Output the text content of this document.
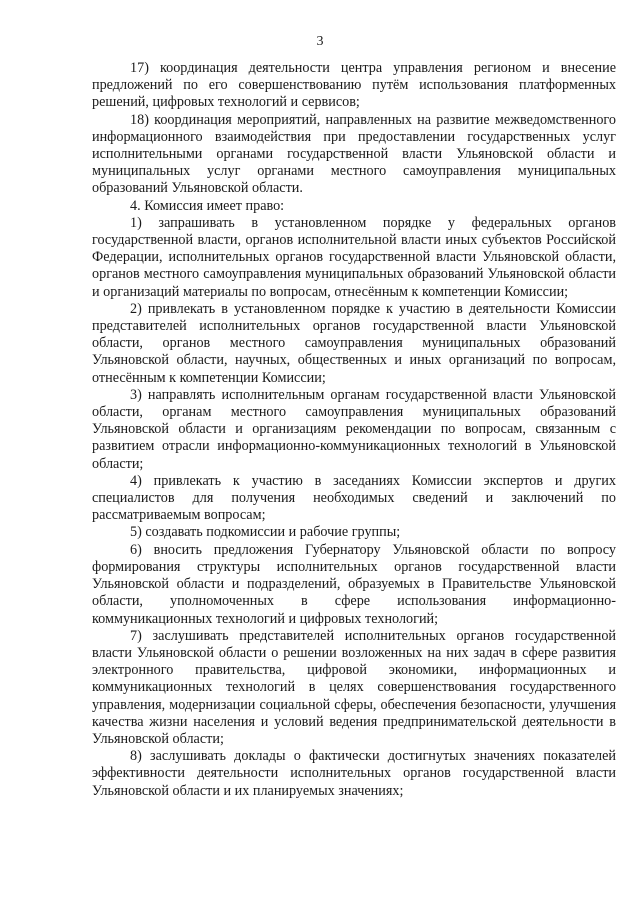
3

17) координация деятельности центра управления регионом и внесение предложений по его совершенствованию путём использования платформенных решений, цифровых технологий и сервисов;

18) координация мероприятий, направленных на развитие межведомственного информационного взаимодействия при предоставлении государственных услуг исполнительными органами государственной власти Ульяновской области и муниципальных услуг органами местного самоуправления муниципальных образований Ульяновской области.

4. Комиссия имеет право:

1) запрашивать в установленном порядке у федеральных органов государственной власти, органов исполнительной власти иных субъектов Российской Федерации, исполнительных органов государственной власти Ульяновской области, органов местного самоуправления муниципальных образований Ульяновской области и организаций материалы по вопросам, отнесённым к компетенции Комиссии;

2) привлекать в установленном порядке к участию в деятельности Комиссии представителей исполнительных органов государственной власти Ульяновской области, органов местного самоуправления муниципальных образований Ульяновской области, научных, общественных и иных организаций по вопросам, отнесённым к компетенции Комиссии;

3) направлять исполнительным органам государственной власти Ульяновской области, органам местного самоуправления муниципальных образований Ульяновской области и организациям рекомендации по вопросам, связанным с развитием отрасли информационно-коммуникационных технологий в Ульяновской области;

4) привлекать к участию в заседаниях Комиссии экспертов и других специалистов для получения необходимых сведений и заключений по рассматриваемым вопросам;

5) создавать подкомиссии и рабочие группы;

6) вносить предложения Губернатору Ульяновской области по вопросу формирования структуры исполнительных органов государственной власти Ульяновской области и подразделений, образуемых в Правительстве Ульяновской области, уполномоченных в сфере использования информационно-коммуникационных технологий и цифровых технологий;

7) заслушивать представителей исполнительных органов государственной власти Ульяновской области о решении возложенных на них задач в сфере развития электронного правительства, цифровой экономики, информационных и коммуникационных технологий в целях совершенствования государственного управления, модернизации социальной сферы, обеспечения безопасности, улучшения качества жизни населения и условий ведения предпринимательской деятельности в Ульяновской области;

8) заслушивать доклады о фактически достигнутых значениях показателей эффективности деятельности исполнительных органов государственной власти Ульяновской области и их планируемых значениях;
